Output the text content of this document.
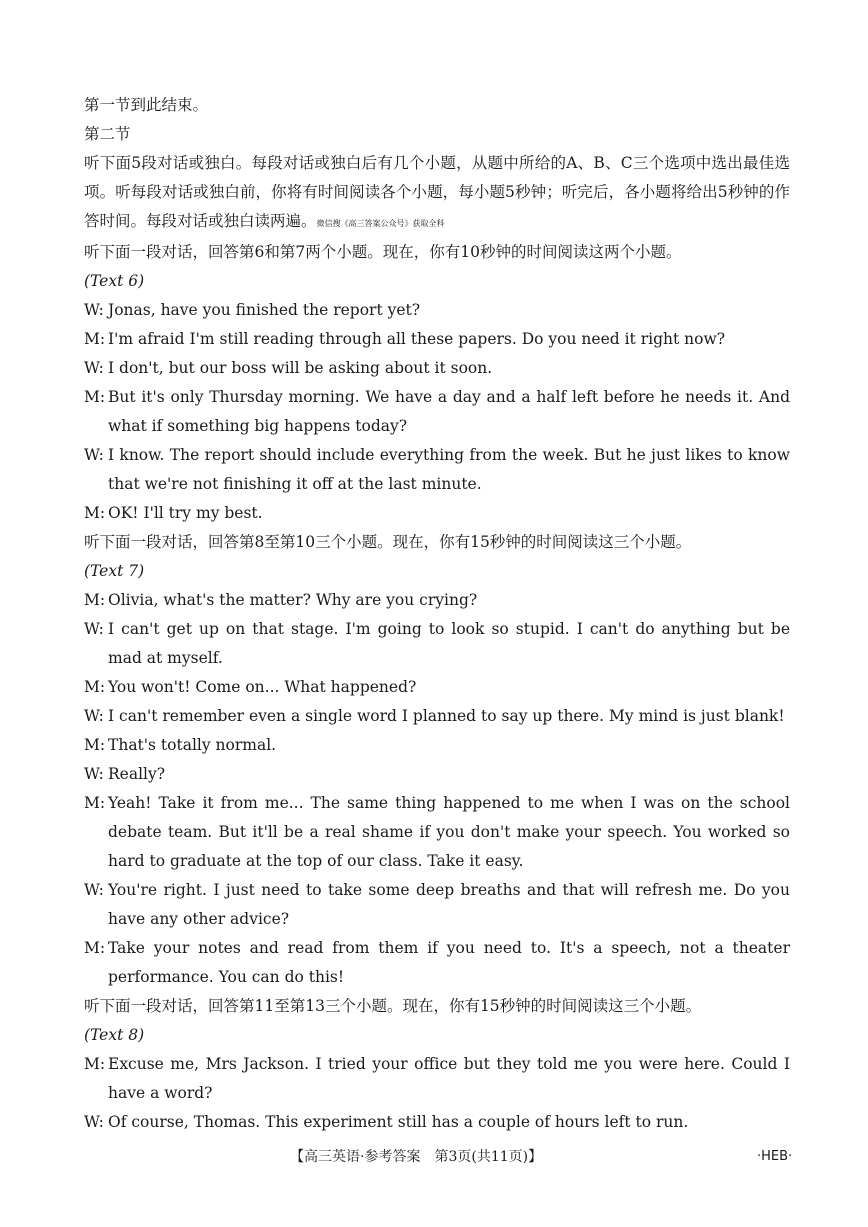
第一节到此结束。
第二节
听下面5段对话或独白。每段对话或独白后有几个小题，从题中所给的A、B、C三个选项中选出最佳选项。听每段对话或独白前，你将有时间阅读各个小题，每小题5秒钟；听完后，各小题将给出5秒钟的作答时间。每段对话或独白读两遍。微信搜《高三答案公众号》获取全科
听下面一段对话，回答第6和第7两个小题。现在，你有10秒钟的时间阅读这两个小题。
(Text 6)
W: Jonas, have you finished the report yet?
M: I'm afraid I'm still reading through all these papers. Do you need it right now?
W: I don't, but our boss will be asking about it soon.
M: But it's only Thursday morning. We have a day and a half left before he needs it. And what if something big happens today?
W: I know. The report should include everything from the week. But he just likes to know that we're not finishing it off at the last minute.
M: OK! I'll try my best.
听下面一段对话，回答第8至第10三个小题。现在，你有15秒钟的时间阅读这三个小题。
(Text 7)
M: Olivia, what's the matter? Why are you crying?
W: I can't get up on that stage. I'm going to look so stupid. I can't do anything but be mad at myself.
M: You won't! Come on... What happened?
W: I can't remember even a single word I planned to say up there. My mind is just blank!
M: That's totally normal.
W: Really?
M: Yeah! Take it from me... The same thing happened to me when I was on the school debate team. But it'll be a real shame if you don't make your speech. You worked so hard to graduate at the top of our class. Take it easy.
W: You're right. I just need to take some deep breaths and that will refresh me. Do you have any other advice?
M: Take your notes and read from them if you need to. It's a speech, not a theater performance. You can do this!
听下面一段对话，回答第11至第13三个小题。现在，你有15秒钟的时间阅读这三个小题。
(Text 8)
M: Excuse me, Mrs Jackson. I tried your office but they told me you were here. Could I have a word?
W: Of course, Thomas. This experiment still has a couple of hours left to run.
【高三英语·参考答案　第3页(共11页)】	·HEB·
